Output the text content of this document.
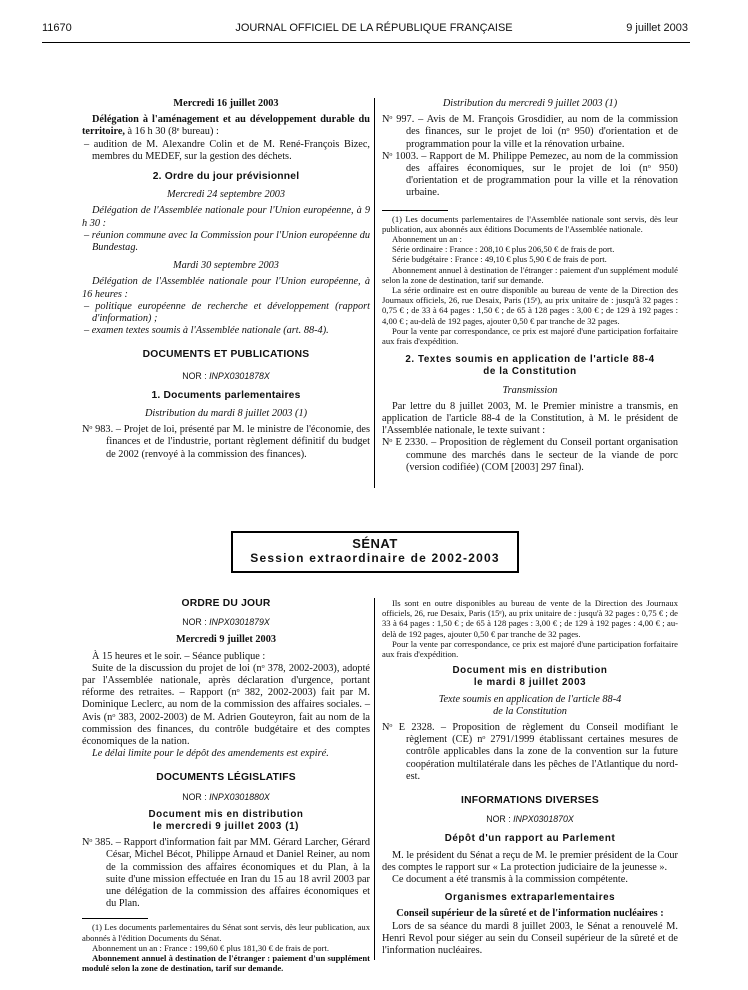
11670	JOURNAL OFFICIEL DE LA RÉPUBLIQUE FRANÇAISE	9 juillet 2003
Mercredi 16 juillet 2003
Délégation à l'aménagement et au développement durable du territoire, à 16 h 30 (8ᵉ bureau) :
– audition de M. Alexandre Colin et de M. René-François Bizec, membres du MEDEF, sur la gestion des déchets.
2. Ordre du jour prévisionnel
Mercredi 24 septembre 2003
Délégation de l'Assemblée nationale pour l'Union européenne, à 9 h 30 :
– réunion commune avec la Commission pour l'Union européenne du Bundestag.
Mardi 30 septembre 2003
Délégation de l'Assemblée nationale pour l'Union européenne, à 16 heures :
– politique européenne de recherche et développement (rapport d'information) ;
– examen textes soumis à l'Assemblée nationale (art. 88-4).
DOCUMENTS ET PUBLICATIONS
NOR : INPX0301878X
1. Documents parlementaires
Distribution du mardi 8 juillet 2003 (1)
Nᵒ 983. – Projet de loi, présenté par M. le ministre de l'économie, des finances et de l'industrie, portant règlement définitif du budget de 2002 (renvoyé à la commission des finances).
Distribution du mercredi 9 juillet 2003 (1)
Nᵒ 997. – Avis de M. François Grosdidier, au nom de la commission des finances, sur le projet de loi (nᵒ 950) d'orientation et de programmation pour la ville et la rénovation urbaine.
Nᵒ 1003. – Rapport de M. Philippe Pemezec, au nom de la commission des affaires économiques, sur le projet de loi (nᵒ 950) d'orientation et de programmation pour la ville et la rénovation urbaine.
(1) Les documents parlementaires de l'Assemblée nationale sont servis, dès leur publication, aux abonnés aux éditions Documents de l'Assemblée nationale.
Abonnement un an :
Série ordinaire : France : 208,10 € plus 206,50 € de frais de port.
Série budgétaire : France : 49,10 € plus 5,90 € de frais de port.
Abonnement annuel à destination de l'étranger : paiement d'un supplément modulé selon la zone de destination, tarif sur demande.
La série ordinaire est en outre disponible au bureau de vente de la Direction des Journaux officiels, 26, rue Desaix, Paris (15ᵉ), au prix unitaire de : jusqu'à 32 pages : 0,75 € ; de 33 à 64 pages : 1,50 € ; de 65 à 128 pages : 3,00 € ; de 129 à 192 pages : 4,00 € ; au-delà de 192 pages, ajouter 0,50 € par tranche de 32 pages.
Pour la vente par correspondance, ce prix est majoré d'une participation forfaitaire aux frais d'expédition.
2. Textes soumis en application de l'article 88-4
de la Constitution
Transmission
Par lettre du 8 juillet 2003, M. le Premier ministre a transmis, en application de l'article 88-4 de la Constitution, à M. le président de l'Assemblée nationale, le texte suivant :
Nᵒ E 2330. – Proposition de règlement du Conseil portant organisation commune des marchés dans le secteur de la viande de porc (version codifiée) (COM [2003] 297 final).
SÉNAT
Session extraordinaire de 2002-2003
ORDRE DU JOUR
NOR : INPX0301879X
Mercredi 9 juillet 2003
À 15 heures et le soir. – Séance publique :
Suite de la discussion du projet de loi (nᵒ 378, 2002-2003), adopté par l'Assemblée nationale, après déclaration d'urgence, portant réforme des retraites. – Rapport (nᵒ 382, 2002-2003) fait par M. Dominique Leclerc, au nom de la commission des affaires sociales. – Avis (nᵒ 383, 2002-2003) de M. Adrien Gouteyron, fait au nom de la commission des finances, du contrôle budgétaire et des comptes économiques de la nation.
Le délai limite pour le dépôt des amendements est expiré.
DOCUMENTS LÉGISLATIFS
NOR : INPX0301880X
Document mis en distribution
le mercredi 9 juillet 2003 (1)
Nᵒ 385. – Rapport d'information fait par MM. Gérard Larcher, Gérard César, Michel Bécot, Philippe Arnaud et Daniel Reiner, au nom de la commission des affaires économiques et du Plan, à la suite d'une mission effectuée en Iran du 15 au 18 avril 2003 par une délégation de la commission des affaires économiques et du Plan.
(1) Les documents parlementaires du Sénat sont servis, dès leur publication, aux abonnés à l'édition Documents du Sénat.
Abonnement un an : France : 199,60 € plus 181,30 € de frais de port.
Abonnement annuel à destination de l'étranger : paiement d'un supplément modulé selon la zone de destination, tarif sur demande.
Ils sont en outre disponibles au bureau de vente de la Direction des Journaux officiels, 26, rue Desaix, Paris (15ᵉ), au prix unitaire de : jusqu'à 32 pages : 0,75 € ; de 33 à 64 pages : 1,50 € ; de 65 à 128 pages : 3,00 € ; de 129 à 192 pages : 4,00 € ; au-delà de 192 pages, ajouter 0,50 € par tranche de 32 pages.
Pour la vente par correspondance, ce prix est majoré d'une participation forfaitaire aux frais d'expédition.
Document mis en distribution
le mardi 8 juillet 2003
Texte soumis en application de l'article 88-4
de la Constitution
Nᵒ E 2328. – Proposition de règlement du Conseil modifiant le règlement (CE) nᵒ 2791/1999 établissant certaines mesures de contrôle applicables dans la zone de la convention sur la future coopération multilatérale dans les pêches de l'Atlantique du nord-est.
INFORMATIONS DIVERSES
NOR : INPX0301870X
Dépôt d'un rapport au Parlement
M. le président du Sénat a reçu de M. le premier président de la Cour des comptes le rapport sur « La protection judiciaire de la jeunesse ».
Ce document a été transmis à la commission compétente.
Organismes extraparlementaires
Conseil supérieur de la sûreté et de l'information nucléaires :
Lors de sa séance du mardi 8 juillet 2003, le Sénat a renouvelé M. Henri Revol pour siéger au sein du Conseil supérieur de la sûreté et de l'information nucléaires.
